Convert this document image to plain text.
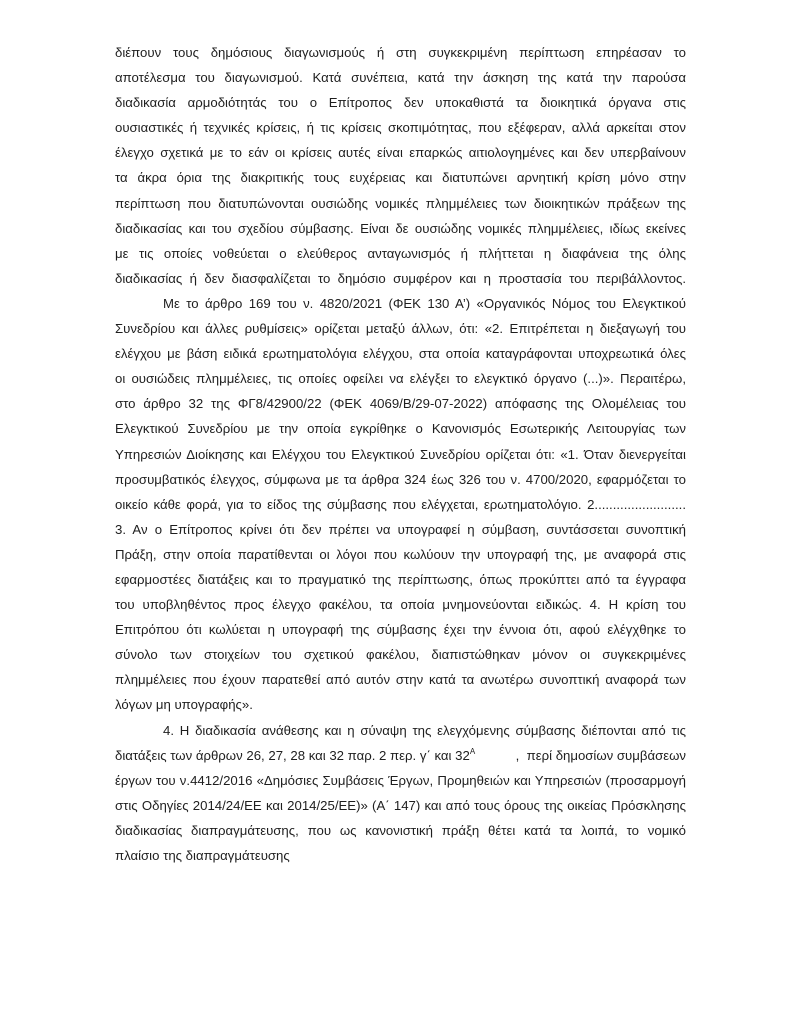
διέπουν τους δημόσιους διαγωνισμούς ή στη συγκεκριμένη περίπτωση επηρέασαν το
αποτέλεσμα του διαγωνισμού. Κατά συνέπεια, κατά την άσκηση της κατά την παρούσα
διαδικασία αρμοδιότητάς του ο Επίτροπος δεν υποκαθιστά τα διοικητικά όργανα στις
ουσιαστικές ή τεχνικές κρίσεις, ή τις κρίσεις σκοπιμότητας, που εξέφεραν, αλλά αρκείται στον
έλεγχο σχετικά με το εάν οι κρίσεις αυτές είναι επαρκώς αιτιολογημένες και δεν υπερβαίνουν
τα άκρα όρια της διακριτικής τους ευχέρειας και διατυπώνει αρνητική κρίση μόνο στην
περίπτωση που διατυπώνονται ουσιώδης νομικές πλημμέλειες των διοικητικών πράξεων της
διαδικασίας και του σχεδίου σύμβασης. Είναι δε ουσιώδης νομικές πλημμέλειες, ιδίως εκείνες
με τις οποίες νοθεύεται ο ελεύθερος ανταγωνισμός ή πλήττεται η διαφάνεια της όλης
διαδικασίας ή δεν διασφαλίζεται το δημόσιο συμφέρον και η προστασία του περιβάλλοντος.
Με το άρθρο 169 του ν. 4820/2021 (ΦΕΚ 130 Α’) «Οργανικός Νόμος του Ελεγκτικού
Συνεδρίου και άλλες ρυθμίσεις» ορίζεται μεταξύ άλλων, ότι: «2. Επιτρέπεται η διεξαγωγή του
ελέγχου με βάση ειδικά ερωτηματολόγια ελέγχου, στα οποία καταγράφονται υποχρεωτικά όλες
οι ουσιώδεις πλημμέλειες, τις οποίες οφείλει να ελέγξει το ελεγκτικό όργανο (...)». Περαιτέρω,
στο άρθρο 32 της ΦΓ8/42900/22 (ΦΕΚ 4069/Β/29-07-2022) απόφασης της Ολομέλειας του
Ελεγκτικού Συνεδρίου με την οποία εγκρίθηκε ο Κανονισμός Εσωτερικής Λειτουργίας των
Υπηρεσιών Διοίκησης και Ελέγχου του Ελεγκτικού Συνεδρίου ορίζεται ότι: «1. Όταν διενεργείται
προσυμβατικός έλεγχος, σύμφωνα με τα άρθρα 324 έως 326 του ν. 4700/2020, εφαρμόζεται το
οικείο κάθε φορά, για το είδος της σύμβασης που ελέγχεται, ερωτηματολόγιο. 2.........................
3. Αν ο Επίτροπος κρίνει ότι δεν πρέπει να υπογραφεί η σύμβαση, συντάσσεται συνοπτική
Πράξη, στην οποία παρατίθενται οι λόγοι που κωλύουν την υπογραφή της, με αναφορά στις
εφαρμοστέες διατάξεις και το πραγματικό της περίπτωσης, όπως προκύπτει από τα έγγραφα
του υποβληθέντος προς έλεγχο φακέλου, τα οποία μνημονεύονται ειδικώς. 4. Η κρίση του
Επιτρόπου ότι κωλύεται η υπογραφή της σύμβασης έχει την έννοια ότι, αφού ελέγχθηκε το
σύνολο των στοιχείων του σχετικού φακέλου, διαπιστώθηκαν μόνον οι συγκεκριμένες
πλημμέλειες που έχουν παρατεθεί από αυτόν στην κατά τα ανωτέρω συνοπτική αναφορά των
λόγων μη υπογραφής».
4. Η διαδικασία ανάθεσης και η σύναψη της ελεγχόμενης σύμβασης διέπονται από τις
διατάξεις των άρθρων 26, 27, 28 και 32 παρ. 2 περ. γ΄ και $32^A$	,  περί δημοσίων συμβάσεων
έργων του ν.4412/2016 «Δημόσιες Συμβάσεις Έργων, Προμηθειών και Υπηρεσιών (προσαρμογή
στις Οδηγίες 2014/24/ΕΕ και 2014/25/ΕΕ)» (Α΄ 147) και από τους όρους της οικείας Πρόσκλησης
διαδικασίας διαπραγμάτευσης, που ως κανονιστική πράξη θέτει κατά τα λοιπά, το νομικό
πλαίσιο της διαπραγμάτευσης
